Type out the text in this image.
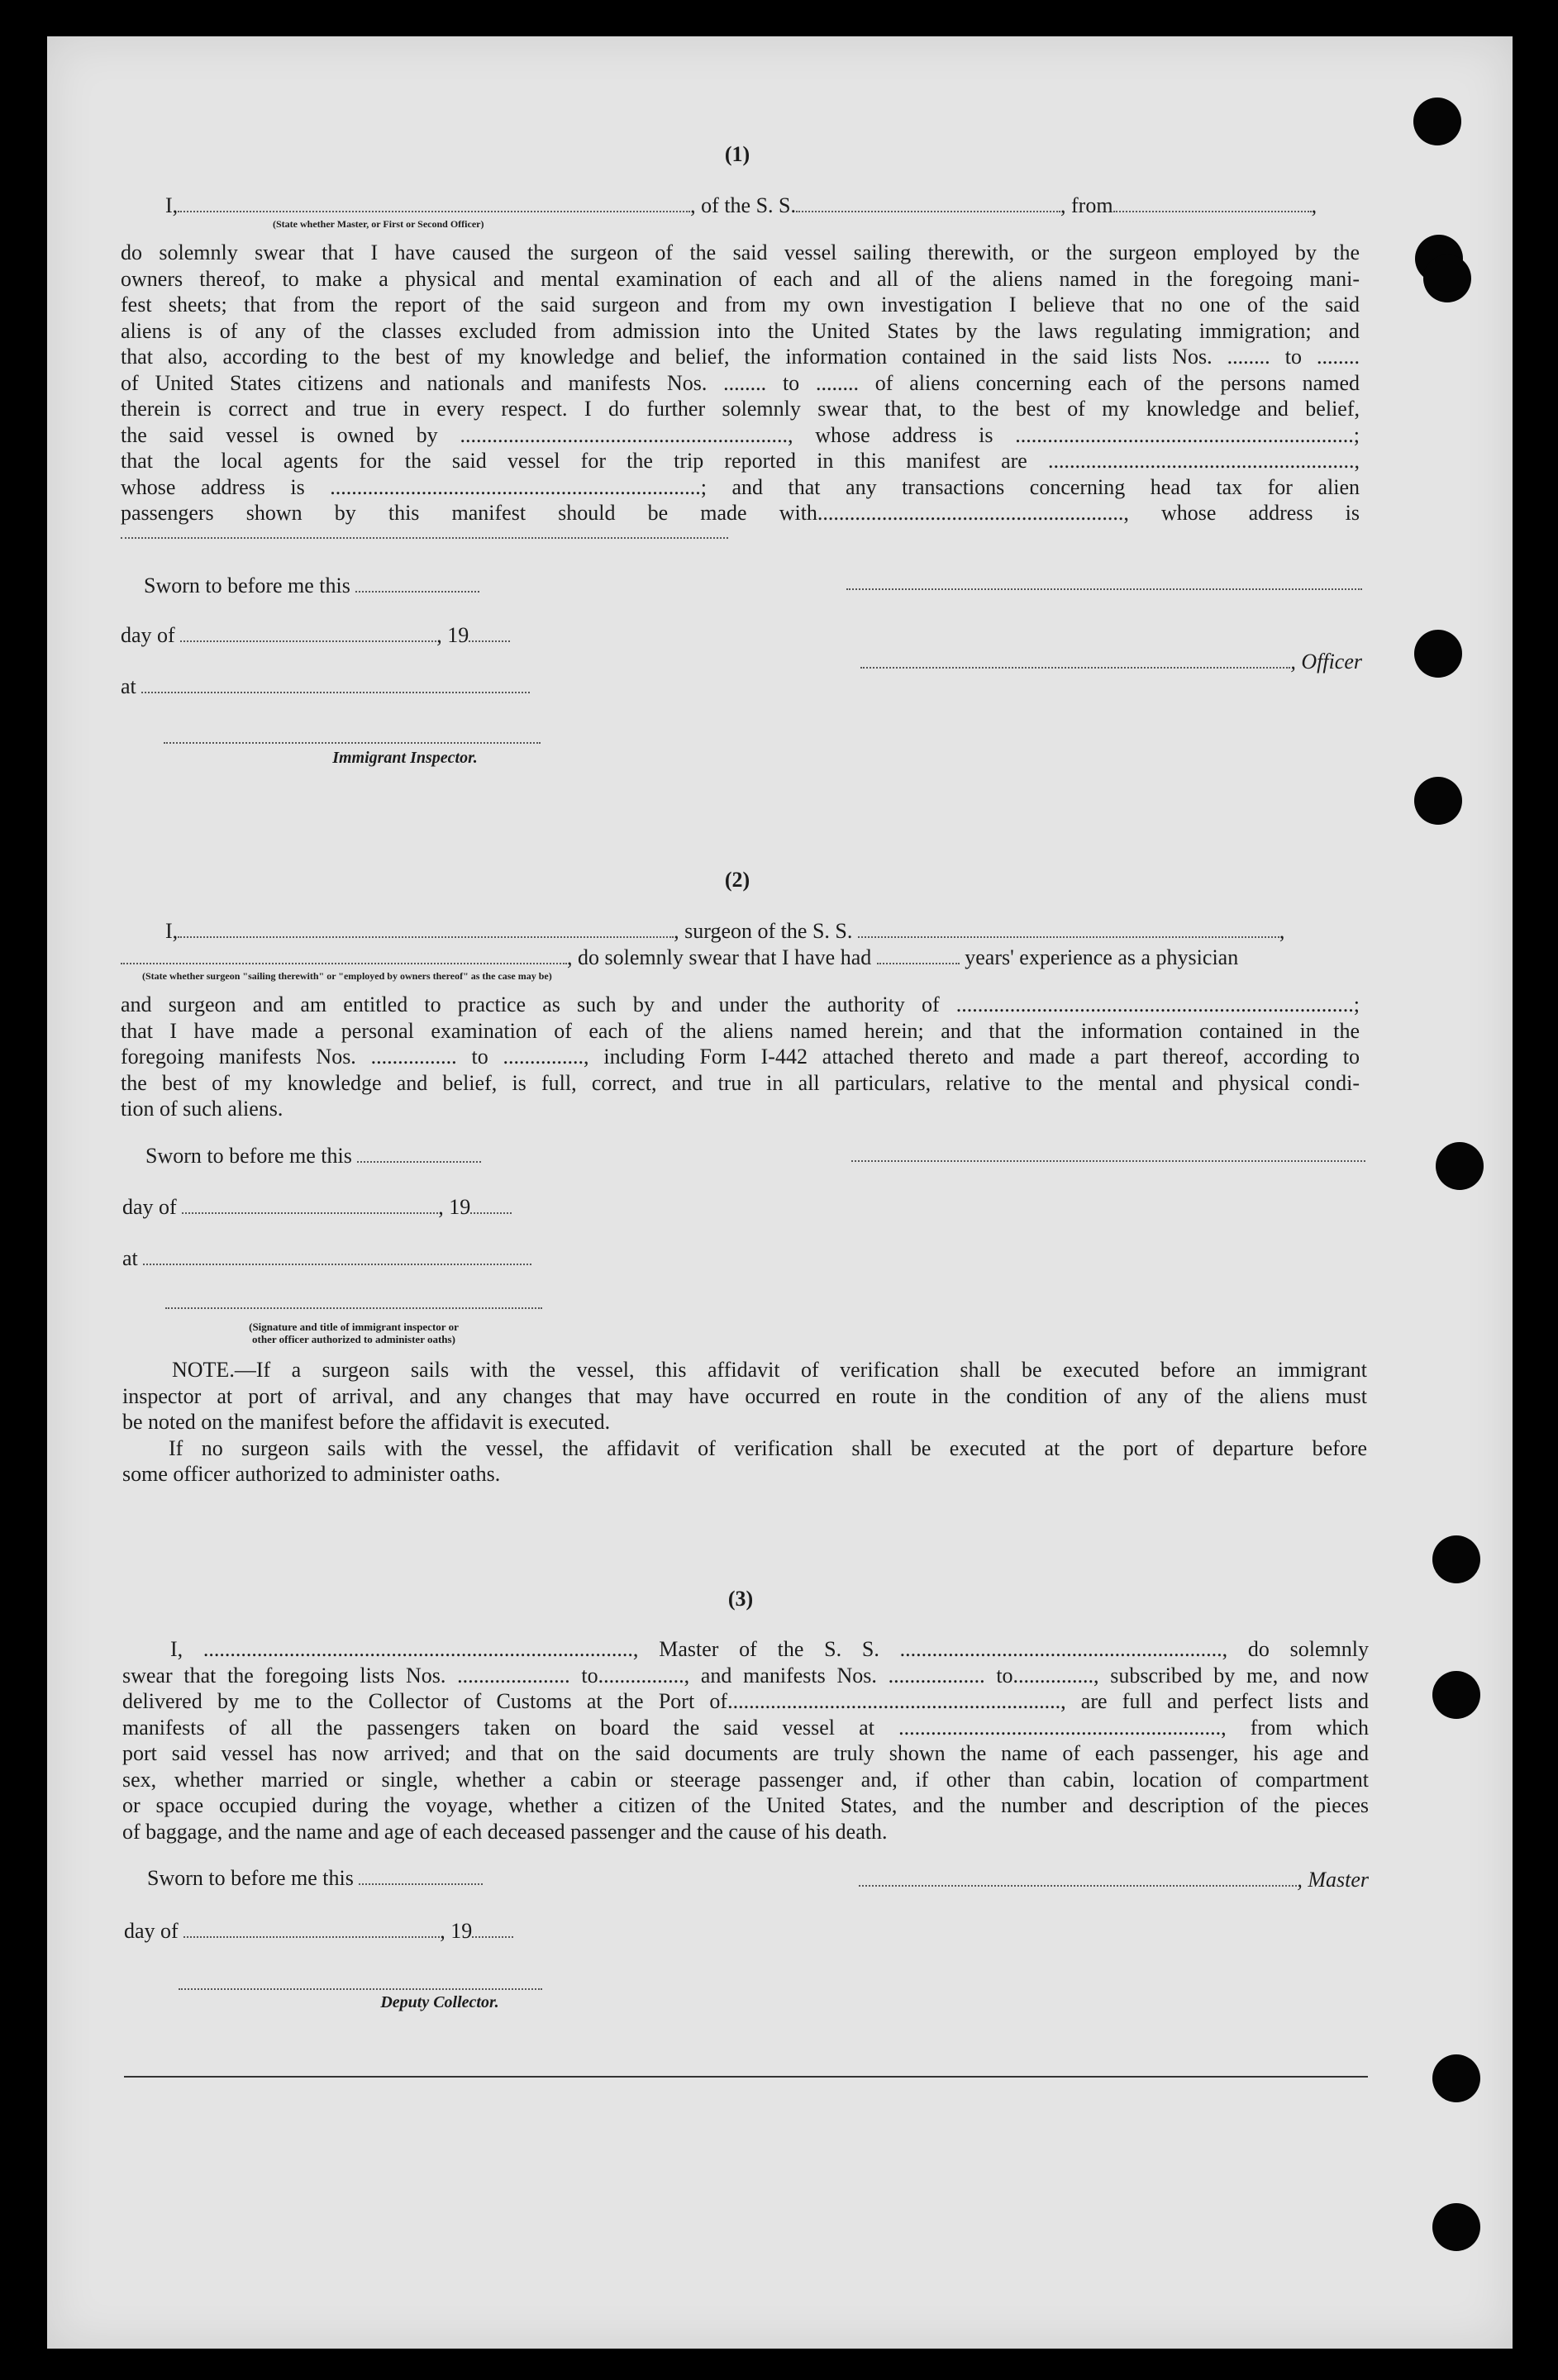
(1)
I,	, of the S. S.	, from	,
(State whether Master, or First or Second Officer)

do solemnly swear that I have caused the surgeon of the said vessel sailing therewith, or the surgeon employed by the

owners thereof, to make a physical and mental examination of each and all of the aliens named in the foregoing mani-

fest sheets; that from the report of the said surgeon and from my own investigation I believe that no one of the said

aliens is of any of the classes excluded from admission into the United States by the laws regulating immigration; and

that also, according to the best of my knowledge and belief, the information contained in the said lists Nos. ........ to ........

of United States citizens and nationals and manifests Nos. ........ to ........ of aliens concerning each of the persons named

therein is correct and true in every respect. I do further solemnly swear that, to the best of my knowledge and belief,

the said vessel is owned by ............................................................., whose address is ...............................................................;

that the local agents for the said vessel for the trip reported in this manifest are .........................................................,

whose address is .....................................................................; and that any transactions concerning head tax for alien

passengers shown by this manifest should be made with........................................................., whose address is

Sworn to before me this
day of	, 19
, Officer
at
Immigrant Inspector.
(2)
I,	, surgeon of the S. S.	,
, do solemnly swear that I have had	years' experience as a physician
(State whether surgeon "sailing therewith" or "employed by owners thereof" as the case may be)

and surgeon and am entitled to practice as such by and under the authority of ..........................................................................;

that I have made a personal examination of each of the aliens named herein; and that the information contained in the

foregoing manifests Nos. ................ to ..............., including Form I-442 attached thereto and made a part thereof, according to

the best of my knowledge and belief, is full, correct, and true in all particulars, relative to the mental and physical condi-

tion of such aliens.

Sworn to before me this
day of	, 19
at
(Signature and title of immigrant inspector or
other officer authorized to administer oaths)

NOTE.—If a surgeon sails with the vessel, this affidavit of verification shall be executed before an immigrant

inspector at port of arrival, and any changes that may have occurred en route in the condition of any of the aliens must

be noted on the manifest before the affidavit is executed.

If no surgeon sails with the vessel, the affidavit of verification shall be executed at the port of departure before

some officer authorized to administer oaths.

(3)

I, ................................................................................, Master of the S. S. ............................................................, do solemnly

swear that the foregoing lists Nos. ..................... to................, and manifests Nos. .................. to..............., subscribed by me, and now

delivered by me to the Collector of Customs at the Port of.............................................................., are full and perfect lists and

manifests of all the passengers taken on board the said vessel at ............................................................, from which

port said vessel has now arrived; and that on the said documents are truly shown the name of each passenger, his age and

sex, whether married or single, whether a cabin or steerage passenger and, if other than cabin, location of compartment

or space occupied during the voyage, whether a citizen of the United States, and the number and description of the pieces

of baggage, and the name and age of each deceased passenger and the cause of his death.

Sworn to before me this	, Master
day of	, 19
Deputy Collector.
